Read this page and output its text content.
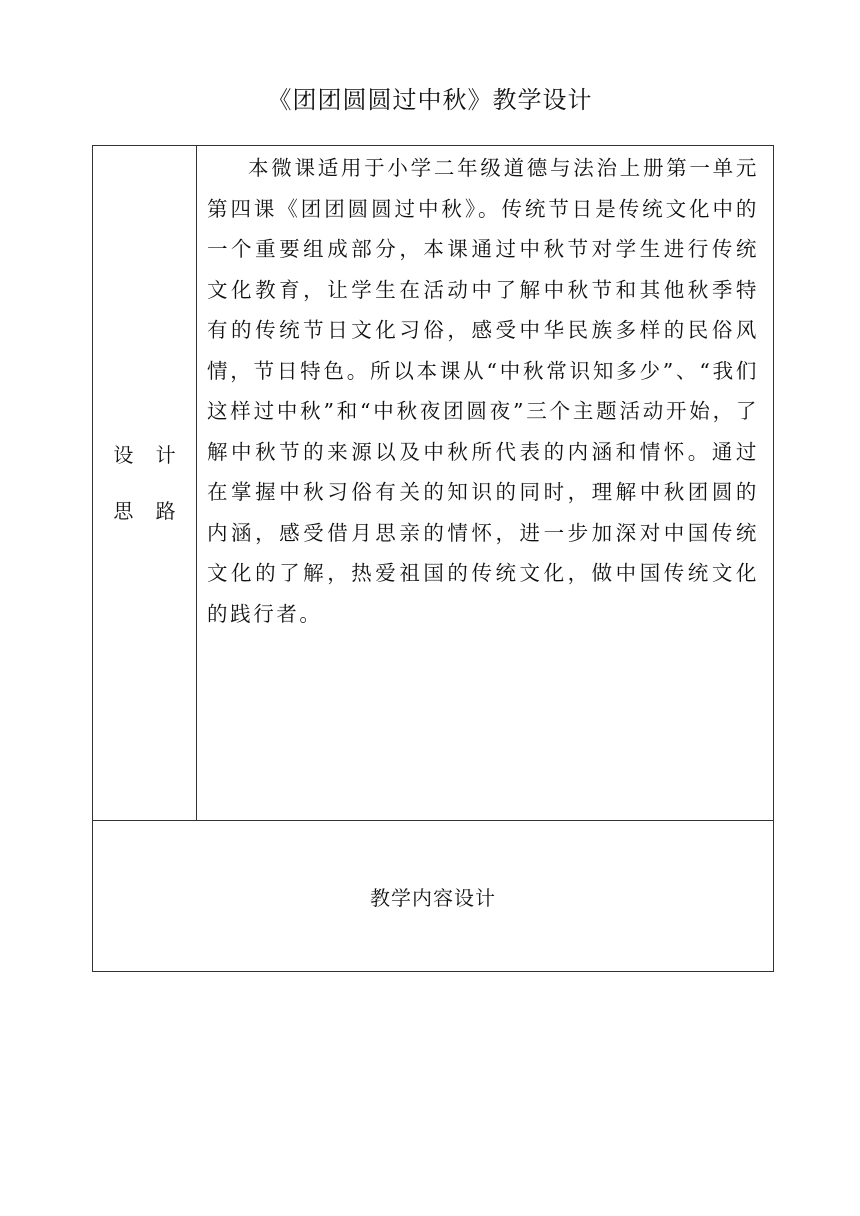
《团团圆圆过中秋》教学设计
设 计
思 路

本微课适用于小学二年级道德与法治上册第一单元第四课《团团圆圆过中秋》。传统节日是传统文化中的一个重要组成部分，本课通过中秋节对学生进行传统文化教育，让学生在活动中了解中秋节和其他秋季特有的传统节日文化习俗，感受中华民族多样的民俗风情，节日特色。所以本课从“中秋常识知多少”、“我们这样过中秋”和“中秋夜团圆夜”三个主题活动开始，了解中秋节的来源以及中秋所代表的内涵和情怀。通过在掌握中秋习俗有关的知识的同时，理解中秋团圆的内涵，感受借月思亲的情怀，进一步加深对中国传统文化的了解，热爱祖国的传统文化，做中国传统文化的践行者。

教学内容设计
